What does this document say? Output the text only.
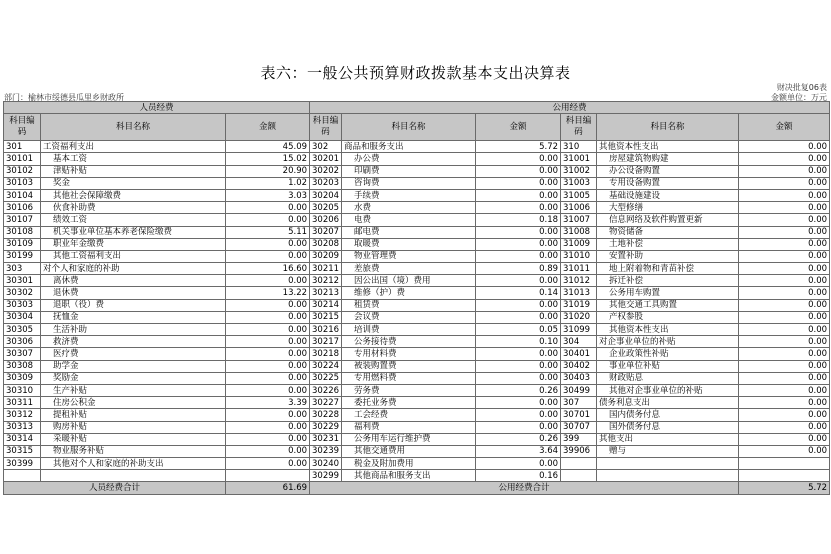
表六：一般公共预算财政拨款基本支出决算表
部门：榆林市绥德县瓜里乡财政所
财决批复06表
金额单位：万元
人员经费			公用经费					
科目编码	科目名称	金额	科目编码	科目名称	金额	科目编码	科目名称	金额
301	工资福利支出	45.09	302	商品和服务支出	5.72	310	其他资本性支出	0.00
30101	基本工资	15.02	30201	办公费	0.00	31001	房屋建筑物购建	0.00
30102	津贴补贴	20.90	30202	印刷费	0.00	31002	办公设备购置	0.00
30103	奖金	1.02	30203	咨询费	0.00	31003	专用设备购置	0.00
30104	其他社会保障缴费	3.03	30204	手续费	0.00	31005	基础设施建设	0.00
30106	伙食补助费	0.00	30205	水费	0.00	31006	大型修缮	0.00
30107	绩效工资	0.00	30206	电费	0.18	31007	信息网络及软件购置更新	0.00
30108	机关事业单位基本养老保险缴费	5.11	30207	邮电费	0.00	31008	物资储备	0.00
30109	职业年金缴费	0.00	30208	取暖费	0.00	31009	土地补偿	0.00
30199	其他工资福利支出	0.00	30209	物业管理费	0.00	31010	安置补助	0.00
303	对个人和家庭的补助	16.60	30211	差旅费	0.89	31011	地上附着物和青苗补偿	0.00
30301	离休费	0.00	30212	因公出国（境）费用	0.00	31012	拆迁补偿	0.00
30302	退休费	13.22	30213	维修（护）费	0.14	31013	公务用车购置	0.00
30303	退职（役）费	0.00	30214	租赁费	0.00	31019	其他交通工具购置	0.00
30304	抚恤金	0.00	30215	会议费	0.00	31020	产权参股	0.00
30305	生活补助	0.00	30216	培训费	0.05	31099	其他资本性支出	0.00
30306	救济费	0.00	30217	公务接待费	0.10	304	对企事业单位的补贴	0.00
30307	医疗费	0.00	30218	专用材料费	0.00	30401	企业政策性补贴	0.00
30308	助学金	0.00	30224	被装购置费	0.00	30402	事业单位补贴	0.00
30309	奖励金	0.00	30225	专用燃料费	0.00	30403	财政贴息	0.00
30310	生产补贴	0.00	30226	劳务费	0.26	30499	其他对企事业单位的补贴	0.00
30311	住房公积金	3.39	30227	委托业务费	0.00	307	债务利息支出	0.00
30312	提租补贴	0.00	30228	工会经费	0.00	30701	国内债务付息	0.00
30313	购房补贴	0.00	30229	福利费	0.00	30707	国外债务付息	0.00
30314	采暖补贴	0.00	30231	公务用车运行维护费	0.26	399	其他支出	0.00
30315	物业服务补贴	0.00	30239	其他交通费用	3.64	39906	赠与	0.00
30399	其他对个人和家庭的补助支出	0.00	30240	税金及附加费用	0.00			
			30299	其他商品和服务支出	0.16			
人员经费合计		61.69	公用经费合计					5.72
